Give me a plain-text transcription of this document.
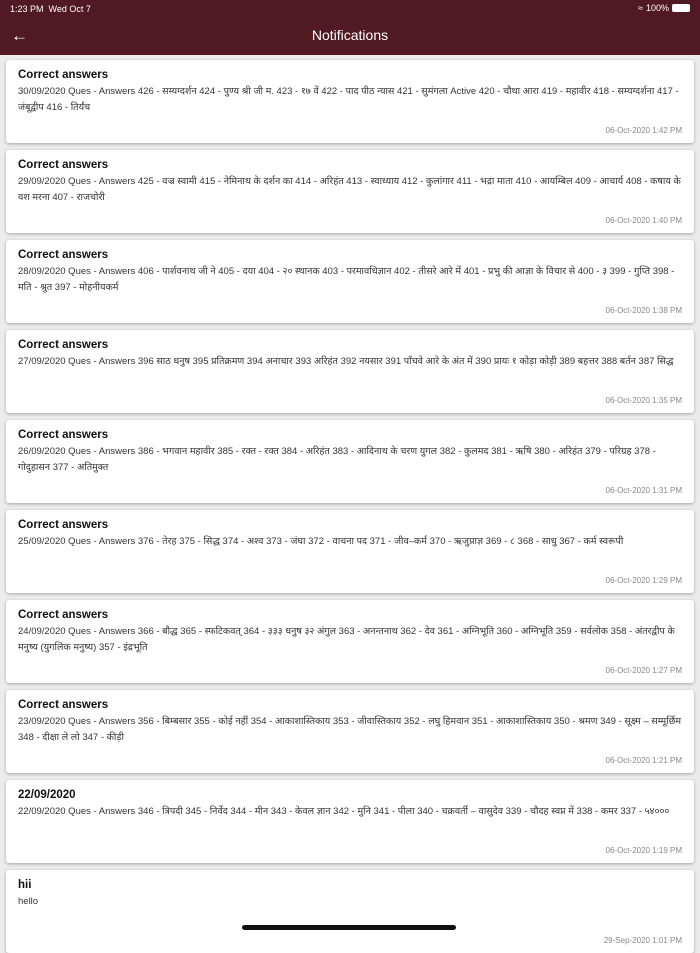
1:23 PM Wed Oct 7	≈ 100%
←	Notifications
Correct answers
30/09/2020 Ques - Answers 426 - सम्यग्दर्शन 424 - पुण्य श्री जी म. 423 - १७ वें 422 - पाद पीठ न्यास 421 - सुमंगला Active 420 - चौथा आरा 419 - महावीर 418 - सम्यग्दर्शना 417 - जंबूद्वीप 416 - तिर्यंच
06-Oct-2020 1:42 PM
Correct answers
29/09/2020 Ques - Answers 425 - वज्र स्वामी 415 - नेमिनाथ के दर्शन का 414 - अरिहंत 413 - स्वाध्याय 412 - कुलांगार 411 - भद्रा माता 410 - आयम्बिल 409 - आचार्य 408 - कषाय के वश मरना 407 - राजचोरी
06-Oct-2020 1:40 PM
Correct answers
28/09/2020 Ques - Answers 406 - पार्शवनाथ जी ने 405 - दया 404 - २० स्थानक 403 - परमावधिज्ञान 402 - तीसरे आरे में 401 - प्रभु की आज्ञा के विचार से 400 - ३ 399 - गुप्ति 398 - मति - श्रुत 397 - मोहनीयकर्म
06-Oct-2020 1:38 PM
Correct answers
27/09/2020 Ques - Answers 396 साठ धनुष 395 प्रतिक्रमण 394 अनाचार 393 अरिहंत 392 नयसार 391 पाँचवे आरे के अंत में 390 प्रायः १ कोड़ा कोड़ी 389 बहत्तर 388 बर्तन 387 सिद्ध
06-Oct-2020 1:35 PM
Correct answers
26/09/2020 Ques - Answers 386 - भगवान महावीर 385 - रक्त - रक्त 384 - अरिहंत 383 - आदिनाथ के चरण युगल 382 - कुलमद 381 - ऋषि 380 - अरिहंत 379 - परिग्रह 378 - गोदुहासन 377 - अतिमुक्त
06-Oct-2020 1:31 PM
Correct answers
25/09/2020 Ques - Answers 376 - तेरह 375 - सिद्ध 374 - अश्व 373 - जंघा 372 - वाचना पद 371 - जीव–कर्म 370 - ऋजुप्राज्ञ 369 - ८ 368 - साधु 367 - कर्म स्वरूपी
06-Oct-2020 1:29 PM
Correct answers
24/09/2020 Ques - Answers 366 - बौद्ध 365 - स्फटिकवत् 364 - ३३३ धनुष ३२ अंगुल 363 - अनन्तनाथ 362 - देव 361 - अग्निभूति 360 - अग्निभूति 359 - सर्वलोक 358 - अंतरद्वीप के मनुष्य (युगलिक मनुष्य) 357 - इंद्रभूति
06-Oct-2020 1:27 PM
Correct answers
23/09/2020 Ques - Answers 356 - बिम्बसार 355 - कोई नहीं 354 - आकाशास्तिकाय 353 - जीवास्तिकाय 352 - लघु हिमवान 351 - आकाशास्तिकाय 350 - श्रमण 349 - सूक्ष्म – सम्मूर्छिम 348 - दीक्षा ले लो 347 - कीड़ी
06-Oct-2020 1:21 PM
22/09/2020
22/09/2020 Ques - Answers 346 - त्रिपदी 345 - निर्वेद 344 - मीन 343 - केवल ज्ञान 342 - मुनि 341 - पीला 340 - चक्रवर्ती – वासुदेव 339 - चौदह स्वप्न में 338 - कमर 337 - ५४०००
06-Oct-2020 1:19 PM
hii
hello
29-Sep-2020 1:01 PM
